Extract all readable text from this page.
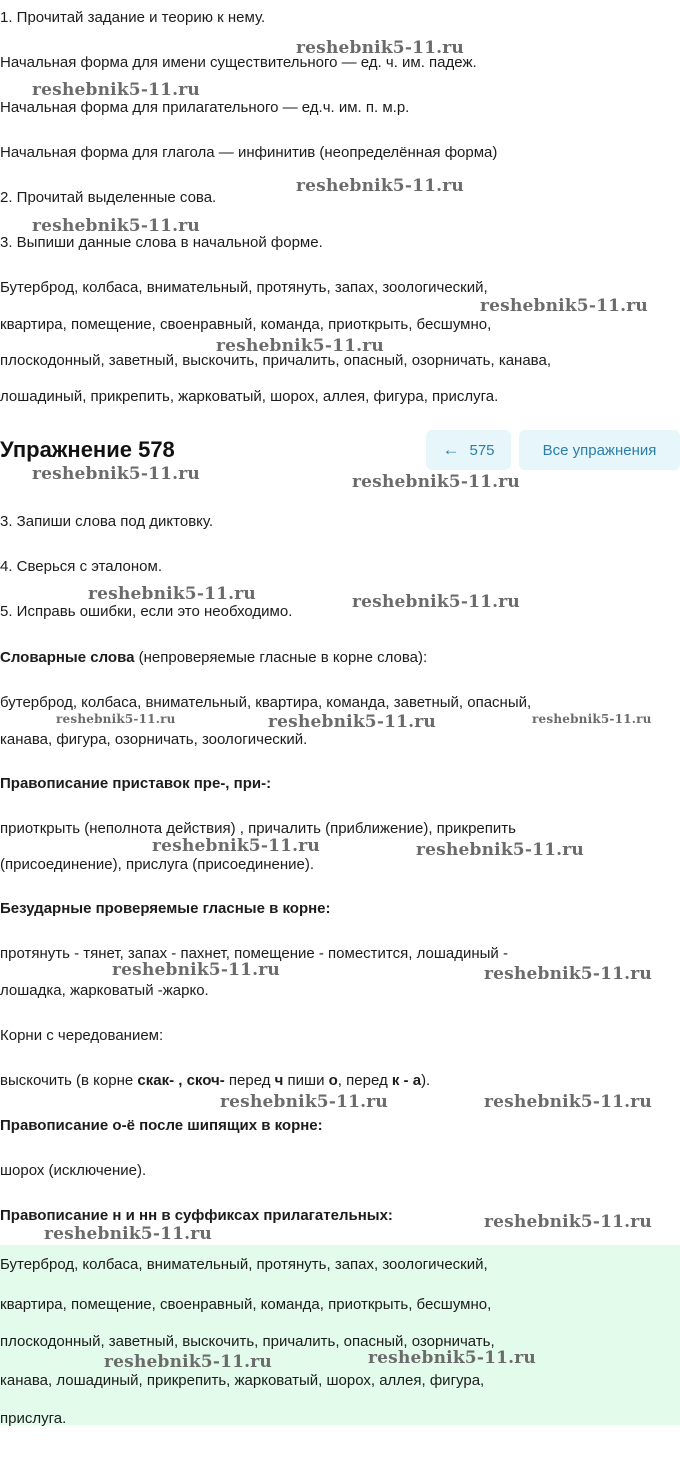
1. Прочитай задание и теорию к нему.
Начальная форма для имени существительного — ед. ч. им. падеж.
Начальная форма для прилагательного — ед.ч. им. п. м.р.
Начальная форма для глагола — инфинитив (неопределённая форма)
2. Прочитай выделенные сова.
3. Выпиши данные слова в начальной форме.
Бутерброд, колбаса, внимательный, протянуть, запах, зоологический,
квартира, помещение, своенравный, команда, приоткрыть, бесшумно,
плоскодонный, заветный, выскочить, причалить, опасный, озорничать, канава,
лошадиный, прикрепить, жарковатый, шорох, аллея, фигура, прислуга.
Упражнение 578	← 575	Все упражнения
3. Запиши слова под диктовку.
4. Сверься с эталоном.
5. Исправь ошибки, если это необходимо.
Словарные слова (непроверяемые гласные в корне слова):
бутерброд, колбаса, внимательный, квартира, команда, заветный, опасный,
канава, фигура, озорничать, зоологический.
Правописание приставок пре-, при-:
приоткрыть (неполнота действия) , причалить (приближение), прикрепить
(присоединение), прислуга (присоединение).
Безударные проверяемые гласные в корне:
протянуть - тянет, запах - пахнет, помещение - поместится, лошадиный -
лошадка, жарковатый -жарко.
Корни с чередованием:
выскочить (в корне скак- , скоч- перед ч пиши о, перед к - а).
Правописание о-ё после шипящих в корне:
шорох (исключение).
Правописание н и нн в суффиксах прилагательных:
Бутерброд, колбаса, внимательный, протянуть, запах, зоологический,
квартира, помещение, своенравный, команда, приоткрыть, бесшумно,
плоскодонный, заветный, выскочить, причалить, опасный, озорничать,
канава, лошадиный, прикрепить, жарковатый, шорох, аллея, фигура,
прислуга.
reshebnik5-11.ru
reshebnik5-11.ru
reshebnik5-11.ru
reshebnik5-11.ru
reshebnik5-11.ru
reshebnik5-11.ru
reshebnik5-11.ru	reshebnik5-11.ru
reshebnik5-11.ru	reshebnik5-11.ru
reshebnik5-11.ru	reshebnik5-11.ru	reshebnik5-11.ru
reshebnik5-11.ru	reshebnik5-11.ru
reshebnik5-11.ru	reshebnik5-11.ru
reshebnik5-11.ru	reshebnik5-11.ru
reshebnik5-11.ru
reshebnik5-11.ru
reshebnik5-11.ru	reshebnik5-11.ru
